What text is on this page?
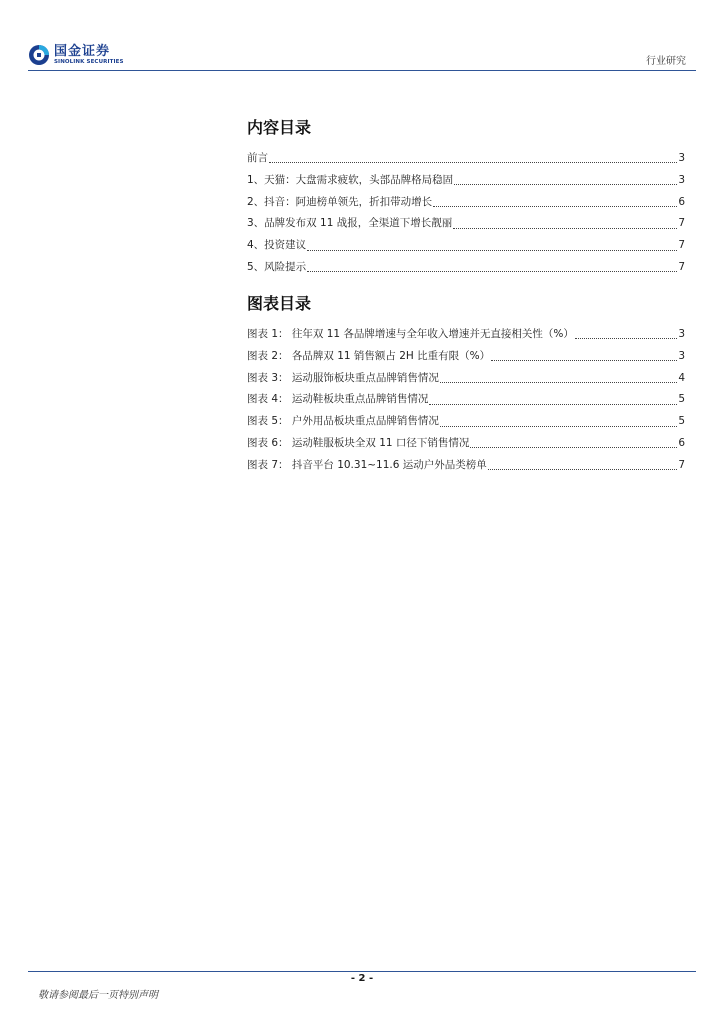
国金证券
SINOLINK SECURITIES	行业研究
内容目录
前言	3
1、天猫：大盘需求疲软，头部品牌格局稳固	3
2、抖音：阿迪榜单领先，折扣带动增长	6
3、品牌发布双 11 战报，全渠道下增长靓丽	7
4、投资建议	7
5、风险提示	7
图表目录
图表 1： 往年双 11 各品牌增速与全年收入增速并无直接相关性（%）	3
图表 2： 各品牌双 11 销售额占 2H 比重有限（%）	3
图表 3： 运动服饰板块重点品牌销售情况	4
图表 4： 运动鞋板块重点品牌销售情况	5
图表 5： 户外用品板块重点品牌销售情况	5
图表 6： 运动鞋服板块全双 11 口径下销售情况	6
图表 7： 抖音平台 10.31~11.6 运动户外品类榜单	7
- 2 -
敬请参阅最后一页特别声明
